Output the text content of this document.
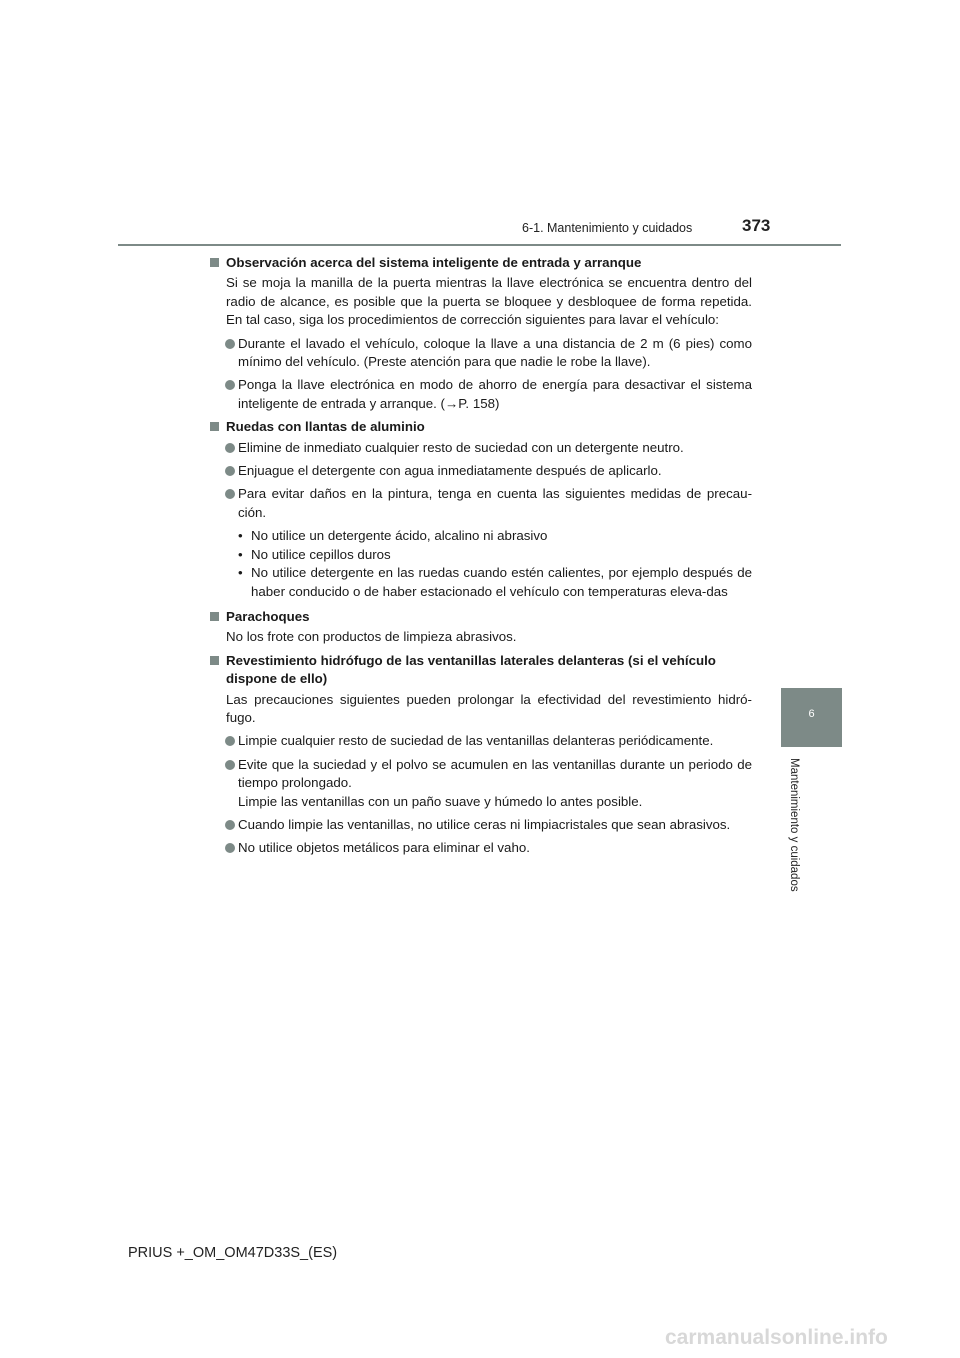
6-1. Mantenimiento y cuidados	373
6
Mantenimiento y cuidados
Observación acerca del sistema inteligente de entrada y arranque
Si se moja la manilla de la puerta mientras la llave electrónica se encuentra dentro del radio de alcance, es posible que la puerta se bloquee y desbloquee de forma repetida. En tal caso, siga los procedimientos de corrección siguientes para lavar el vehículo:
Durante el lavado el vehículo, coloque la llave a una distancia de 2 m (6 pies) como mínimo del vehículo. (Preste atención para que nadie le robe la llave).
Ponga la llave electrónica en modo de ahorro de energía para desactivar el sistema inteligente de entrada y arranque. (→P. 158)
Ruedas con llantas de aluminio
Elimine de inmediato cualquier resto de suciedad con un detergente neutro.
Enjuague el detergente con agua inmediatamente después de aplicarlo.
Para evitar daños en la pintura, tenga en cuenta las siguientes medidas de precau-ción.
• No utilice un detergente ácido, alcalino ni abrasivo
• No utilice cepillos duros
• No utilice detergente en las ruedas cuando estén calientes, por ejemplo después de haber conducido o de haber estacionado el vehículo con temperaturas eleva-das
Parachoques
No los frote con productos de limpieza abrasivos.
Revestimiento hidrófugo de las ventanillas laterales delanteras (si el vehículo dispone de ello)
Las precauciones siguientes pueden prolongar la efectividad del revestimiento hidró-fugo.
Limpie cualquier resto de suciedad de las ventanillas delanteras periódicamente.
Evite que la suciedad y el polvo se acumulen en las ventanillas durante un periodo de tiempo prolongado.
Limpie las ventanillas con un paño suave y húmedo lo antes posible.
Cuando limpie las ventanillas, no utilice ceras ni limpiacristales que sean abrasivos.
No utilice objetos metálicos para eliminar el vaho.
PRIUS +_OM_OM47D33S_(ES)
carmanualsonline.info
